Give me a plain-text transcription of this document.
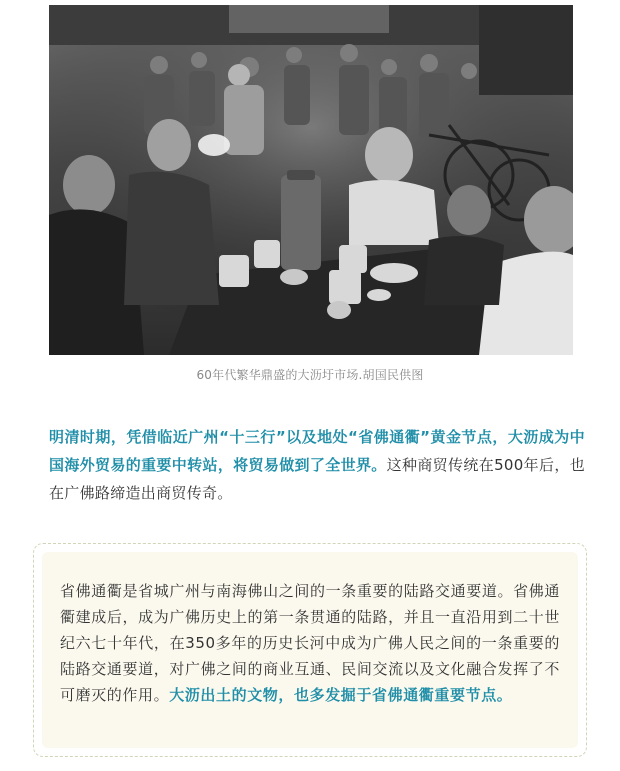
60年代繁华鼎盛的大沥圩市场.胡国民供图
明清时期，凭借临近广州“十三行”以及地处“省佛通衢”黄金节点，大沥成为中国海外贸易的重要中转站，将贸易做到了全世界。这种商贸传统在500年后，也在广佛路缔造出商贸传奇。
省佛通衢是省城广州与南海佛山之间的一条重要的陆路交通要道。省佛通衢建成后，成为广佛历史上的第一条贯通的陆路，并且一直沿用到二十世纪六七十年代，在350多年的历史长河中成为广佛人民之间的一条重要的陆路交通要道，对广佛之间的商业互通、民间交流以及文化融合发挥了不可磨灭的作用。大沥出土的文物，也多发掘于省佛通衢重要节点。
